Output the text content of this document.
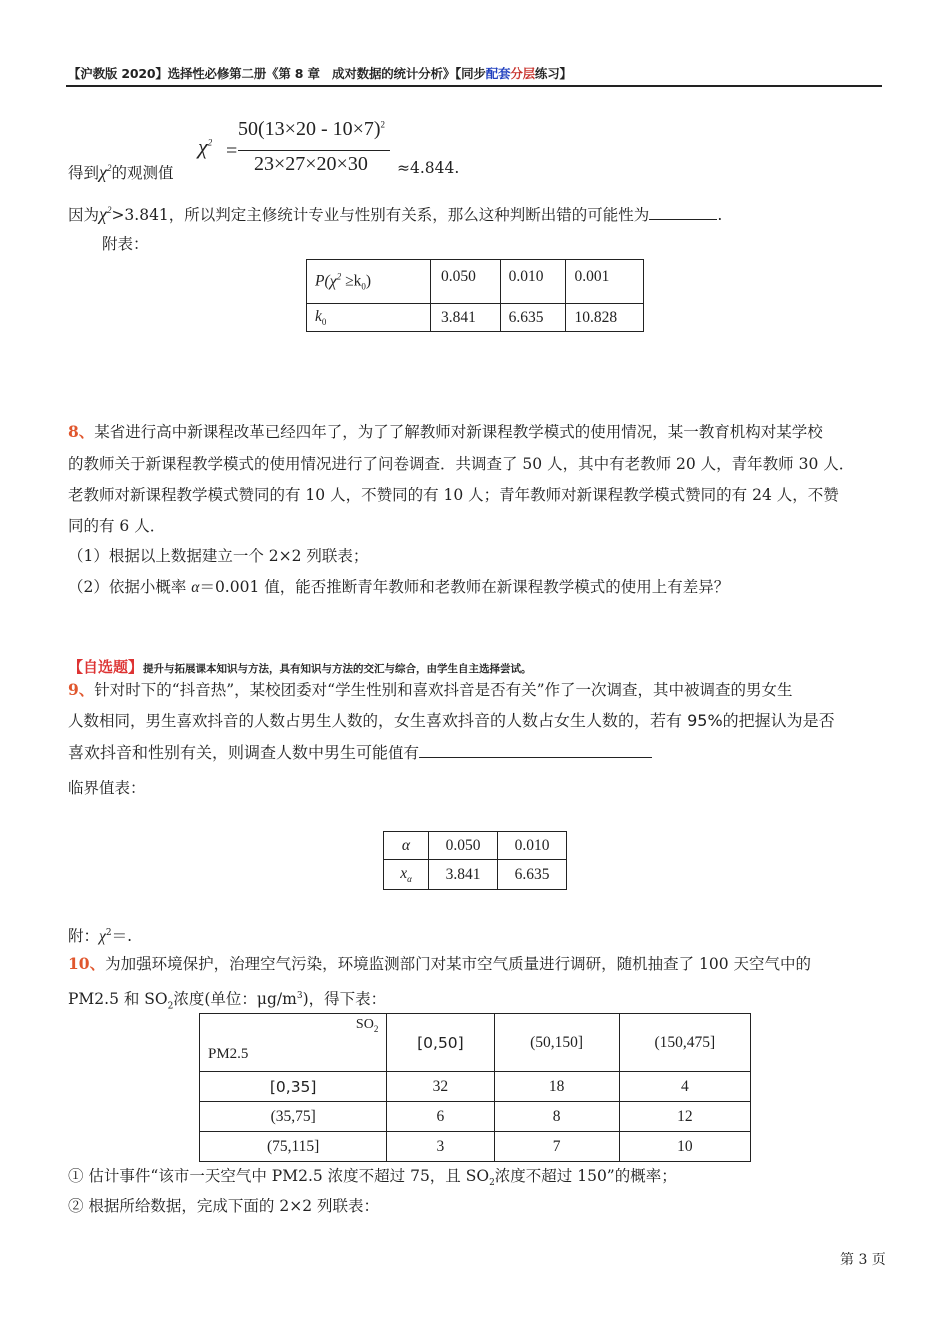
【沪教版 2020】选择性必修第二册《第 8 章　成对数据的统计分析》【同步配套分层练习】
$50(13\times 20 - 10\times 7)^2$
23×27×20×30
$\chi^2$ =
得到$\chi^2$的观测值	≈4.844.
因为$\chi^2>3.841$，所以判定主修统计专业与性别有关系，那么这种判断出错的可能性为	.
附表：
$P(\chi^2 \ge k_0)$	0.050	0.010	0.001
$k_0$	3.841	6.635	10.828
8、某省进行高中新课程改革已经四年了，为了了解教师对新课程教学模式的使用情况，某一教育机构对某学校
的教师关于新课程教学模式的使用情况进行了问卷调查．共调查了 50 人，其中有老教师 20 人，青年教师 30 人．
老教师对新课程教学模式赞同的有 10 人，不赞同的有 10 人；青年教师对新课程教学模式赞同的有 24 人，不赞
同的有 6 人．
（1）根据以上数据建立一个 2×2 列联表；
（2）依据小概率 α＝0.001 值，能否推断青年教师和老教师在新课程教学模式的使用上有差异？
【自选题】提升与拓展课本知识与方法，具有知识与方法的交汇与综合，由学生自主选择尝试。
9、针对时下的“抖音热”，某校团委对“学生性别和喜欢抖音是否有关”作了一次调查，其中被调查的男女生
人数相同，男生喜欢抖音的人数占男生人数的，女生喜欢抖音的人数占女生人数的，若有 95%的把握认为是否
喜欢抖音和性别有关，则调查人数中男生可能值有
临界值表：
α	0.050	0.010
$x_\alpha$	3.841	6.635
附：$\chi^2=$.
10、为加强环境保护，治理空气污染，环境监测部门对某市空气质量进行调研，随机抽查了 100 天空气中的
PM2.5 和 $SO_2$浓度(单位：$\mu g/m^3$)，得下表：
$SO_2$
PM2.5	[0,50]	(50,150]	(150,475]
[0,35]	32	18	4
(35,75]	6	8	12
(75,115]	3	7	10
① 估计事件“该市一天空气中 PM2.5 浓度不超过 75，且 $SO_2$浓度不超过 150”的概率；
② 根据所给数据，完成下面的 2×2 列联表：
第 3 页
